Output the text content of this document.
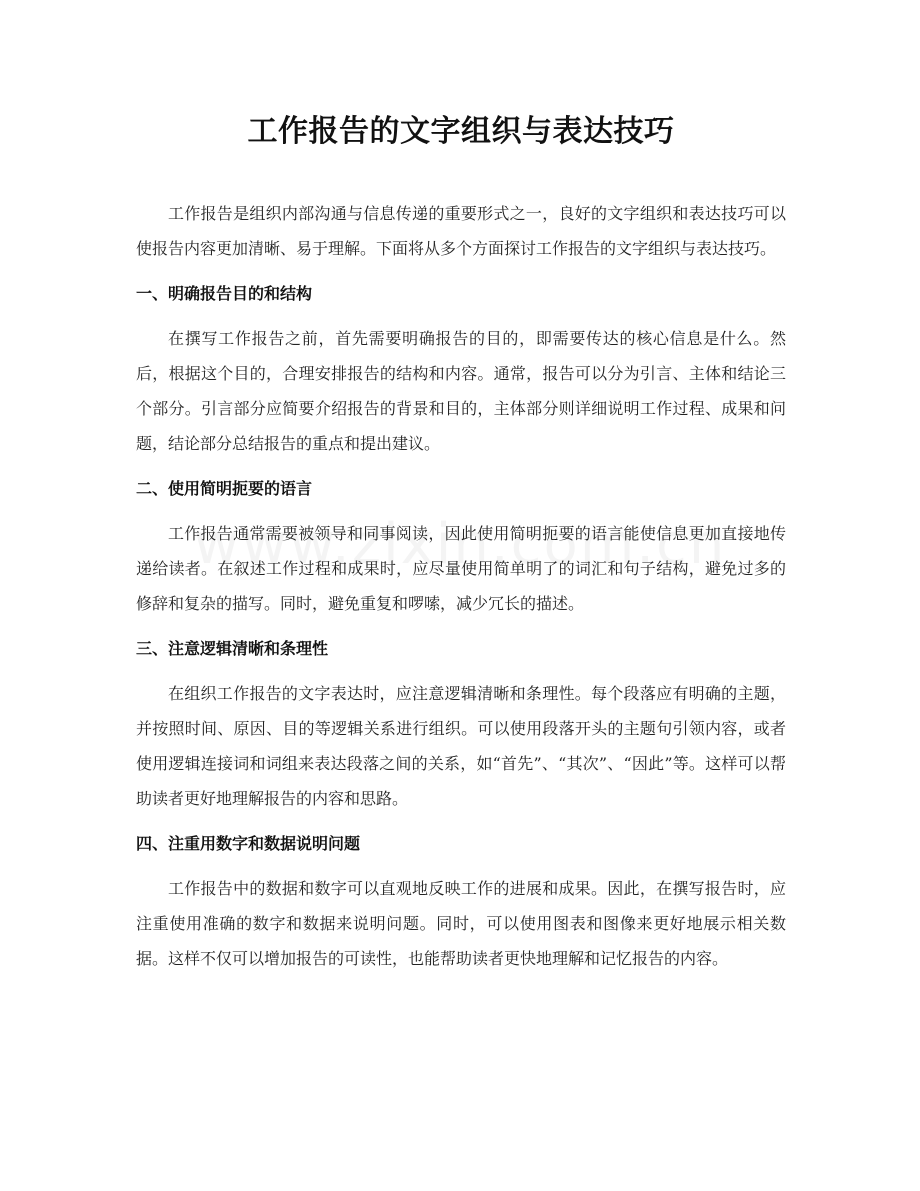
工作报告的文字组织与表达技巧

工作报告是组织内部沟通与信息传递的重要形式之一，良好的文字组织和表达技巧可以使报告内容更加清晰、易于理解。下面将从多个方面探讨工作报告的文字组织与表达技巧。

一、明确报告目的和结构

在撰写工作报告之前，首先需要明确报告的目的，即需要传达的核心信息是什么。然后，根据这个目的，合理安排报告的结构和内容。通常，报告可以分为引言、主体和结论三个部分。引言部分应简要介绍报告的背景和目的，主体部分则详细说明工作过程、成果和问题，结论部分总结报告的重点和提出建议。

二、使用简明扼要的语言

工作报告通常需要被领导和同事阅读，因此使用简明扼要的语言能使信息更加直接地传递给读者。在叙述工作过程和成果时，应尽量使用简单明了的词汇和句子结构，避免过多的修辞和复杂的描写。同时，避免重复和啰嗦，减少冗长的描述。

三、注意逻辑清晰和条理性

在组织工作报告的文字表达时，应注意逻辑清晰和条理性。每个段落应有明确的主题，并按照时间、原因、目的等逻辑关系进行组织。可以使用段落开头的主题句引领内容，或者使用逻辑连接词和词组来表达段落之间的关系，如“首先”、“其次”、“因此”等。这样可以帮助读者更好地理解报告的内容和思路。

四、注重用数字和数据说明问题

工作报告中的数据和数字可以直观地反映工作的进展和成果。因此，在撰写报告时，应注重使用准确的数字和数据来说明问题。同时，可以使用图表和图像来更好地展示相关数据。这样不仅可以增加报告的可读性，也能帮助读者更快地理解和记忆报告的内容。
